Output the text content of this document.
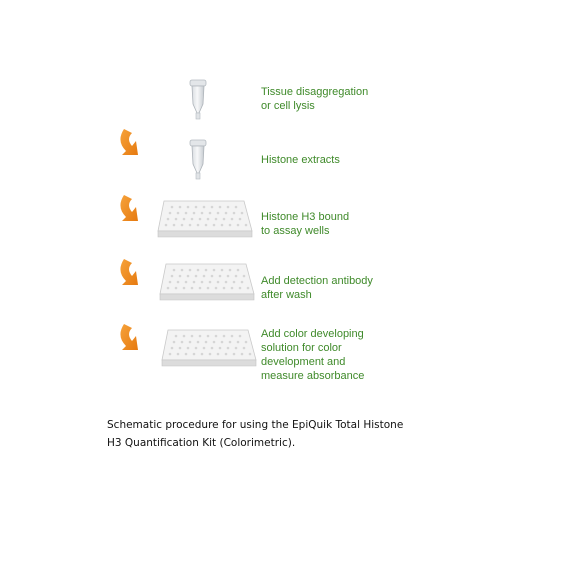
Tissue disaggregation
or cell lysis
Histone extracts
Histone H3 bound
to assay wells
Add detection antibody
after wash
Add color developing
solution for color
development and
measure absorbance
Schematic procedure for using the EpiQuik Total Histone
H3 Quantification Kit (Colorimetric).
